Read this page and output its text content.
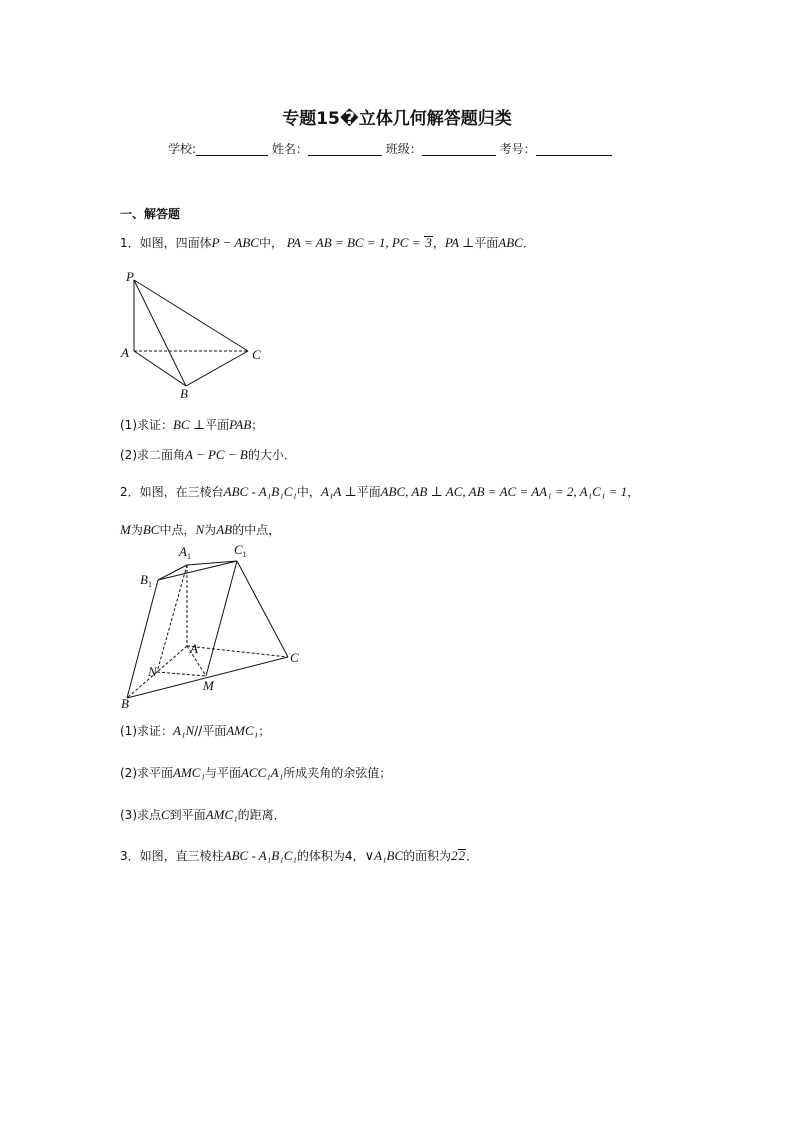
专题15�立体几何解答题归类
学校:	姓名：	班级：	考号：
一、解答题
1．如图，四面体P − ABC中， PA = AB = BC = 1, PC = 3，PA ⊥平面ABC．
P
A
B
C
(1)求证：BC ⊥平面PAB；
(2)求二面角A − PC − B的大小．
2．如图，在三棱台ABC - A₁B₁C₁中，A₁A ⊥平面ABC, AB ⊥ AC, AB = AC = AA₁ = 2, A₁C₁ = 1，
M为BC中点，N为AB的中点，
$A_1$	$C_1$
$B_1$
A
C
B
N
M
(1)求证：A₁N//平面AMC₁；
(2)求平面AMC₁与平面ACC₁A₁所成夹角的余弦值；
(3)求点C到平面AMC₁的距离．
3．如图，直三棱柱ABC - A₁B₁C₁的体积为4，∨A₁BC的面积为22．
